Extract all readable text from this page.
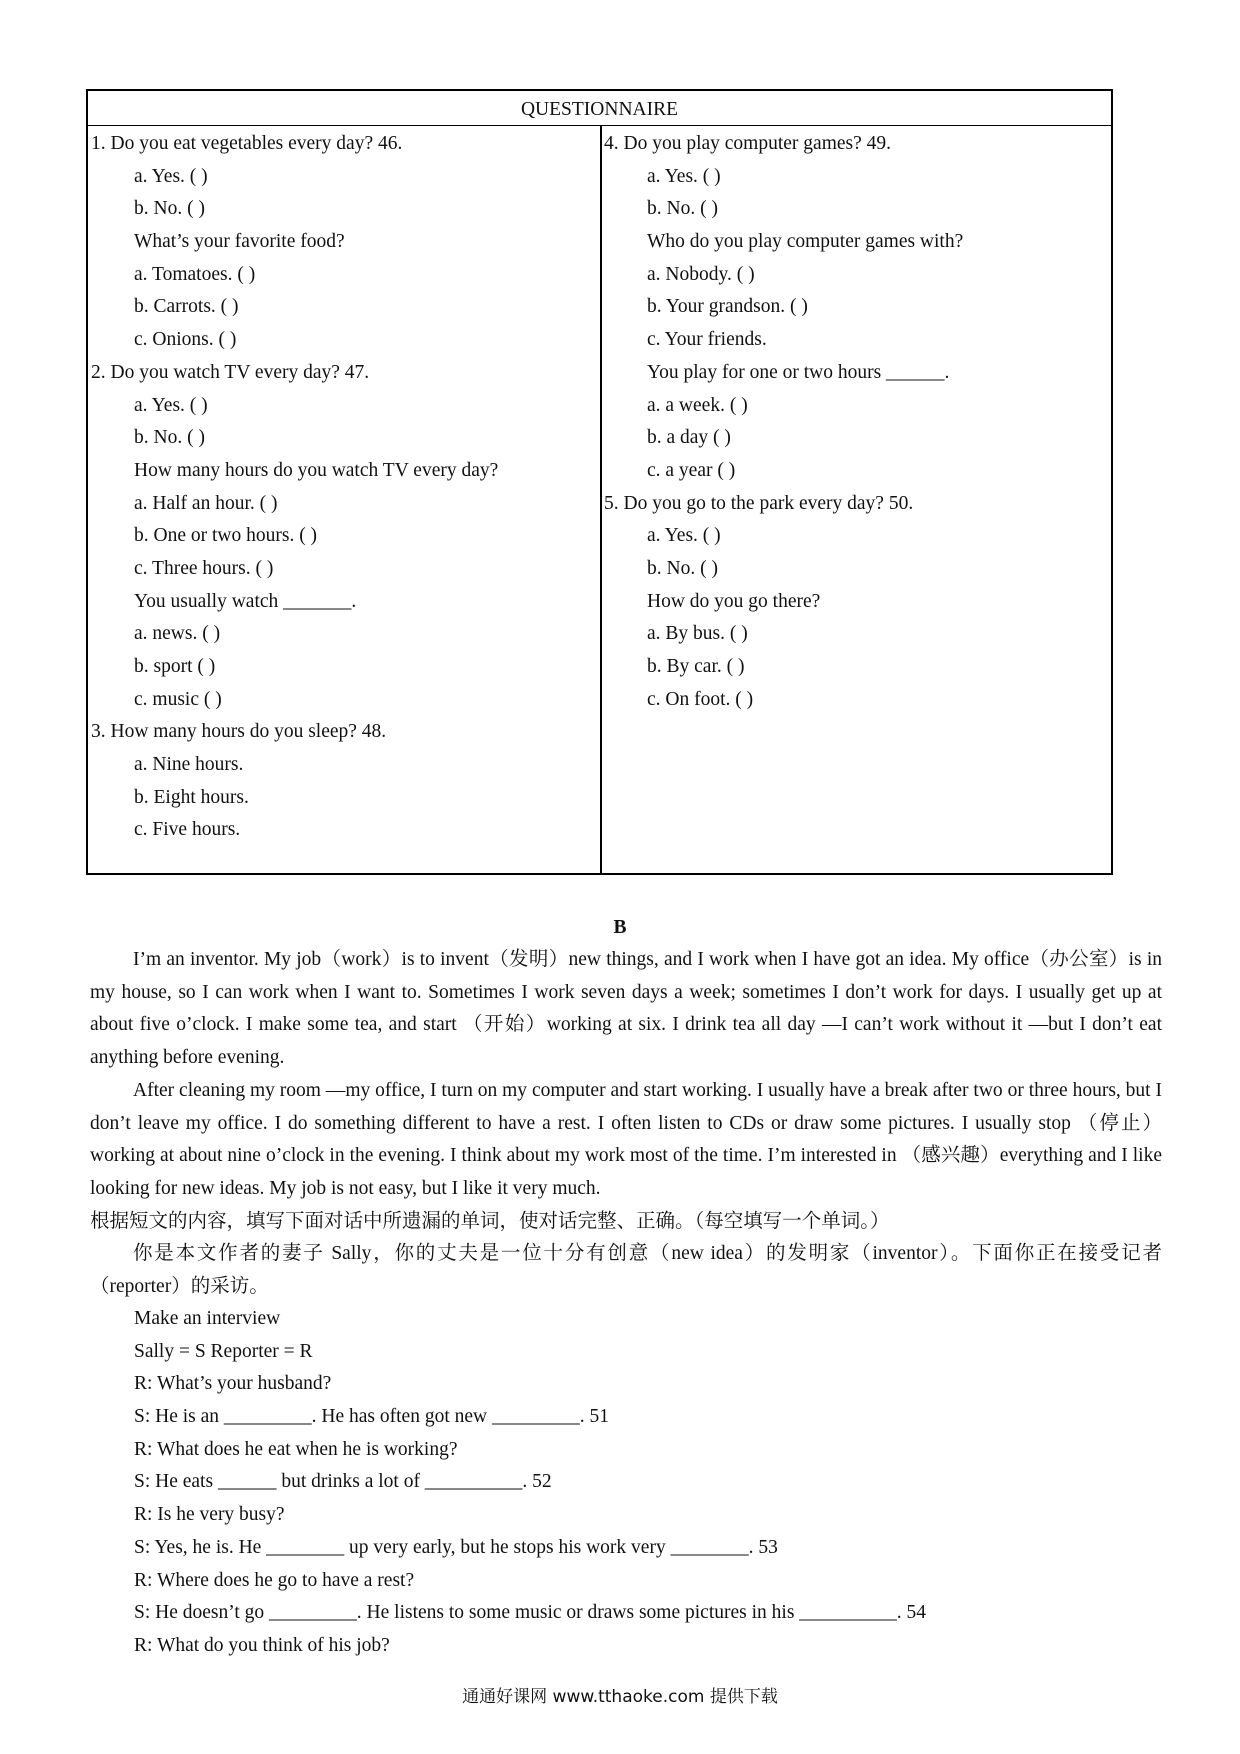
QUESTIONNAIRE
1. Do you eat vegetables every day? 46.
a. Yes. ( )
b. No. ( )
What’s your favorite food?
a. Tomatoes. ( )
b. Carrots. ( )
c. Onions. ( )
2. Do you watch TV every day? 47.
a. Yes. ( )
b. No. ( )
How many hours do you watch TV every day?
a. Half an hour. ( )
b. One or two hours. ( )
c. Three hours. ( )
You usually watch _______.
a. news. ( )
b. sport ( )
c. music ( )
3. How many hours do you sleep? 48.
a. Nine hours.
b. Eight hours.
c. Five hours.
4. Do you play computer games? 49.
a. Yes. ( )
b. No. ( )
Who do you play computer games with?
a. Nobody. ( )
b. Your grandson. ( )
c. Your friends.
You play for one or two hours ______.
a. a week. ( )
b. a day ( )
c. a year ( )
5. Do you go to the park every day? 50.
a. Yes. ( )
b. No. ( )
How do you go there?
a. By bus. ( )
b. By car. ( )
c. On foot. ( )
B

I’m an inventor. My job（work）is to invent（发明）new things, and I work when I have got an idea. My office（办公室）is in my house, so I can work when I want to. Sometimes I work seven days a week; sometimes I don’t work for days. I usually get up at about five o’clock. I make some tea, and start （开始）working at six. I drink tea all day —I can’t work without it —but I don’t eat anything before evening.

After cleaning my room —my office, I turn on my computer and start working. I usually have a break after two or three hours, but I don’t leave my office. I do something different to have a rest. I often listen to CDs or draw some pictures. I usually stop （停止）working at about nine o’clock in the evening. I think about my work most of the time. I’m interested in （感兴趣）everything and I like looking for new ideas. My job is not easy, but I like it very much.

根据短文的内容，填写下面对话中所遗漏的单词，使对话完整、正确。（每空填写一个单词。）

你是本文作者的妻子 Sally，你的丈夫是一位十分有创意（new idea）的发明家（inventor）。下面你正在接受记者（reporter）的采访。

Make an interview
Sally = S Reporter = R
R: What’s your husband?
S: He is an _________. He has often got new _________. 51
R: What does he eat when he is working?
S: He eats ______ but drinks a lot of __________. 52
R: Is he very busy?
S: Yes, he is. He ________ up very early, but he stops his work very ________. 53
R: Where does he go to have a rest?
S: He doesn’t go _________. He listens to some music or draws some pictures in his __________. 54
R: What do you think of his job?
通通好课网 www.tthaoke.com 提供下载
